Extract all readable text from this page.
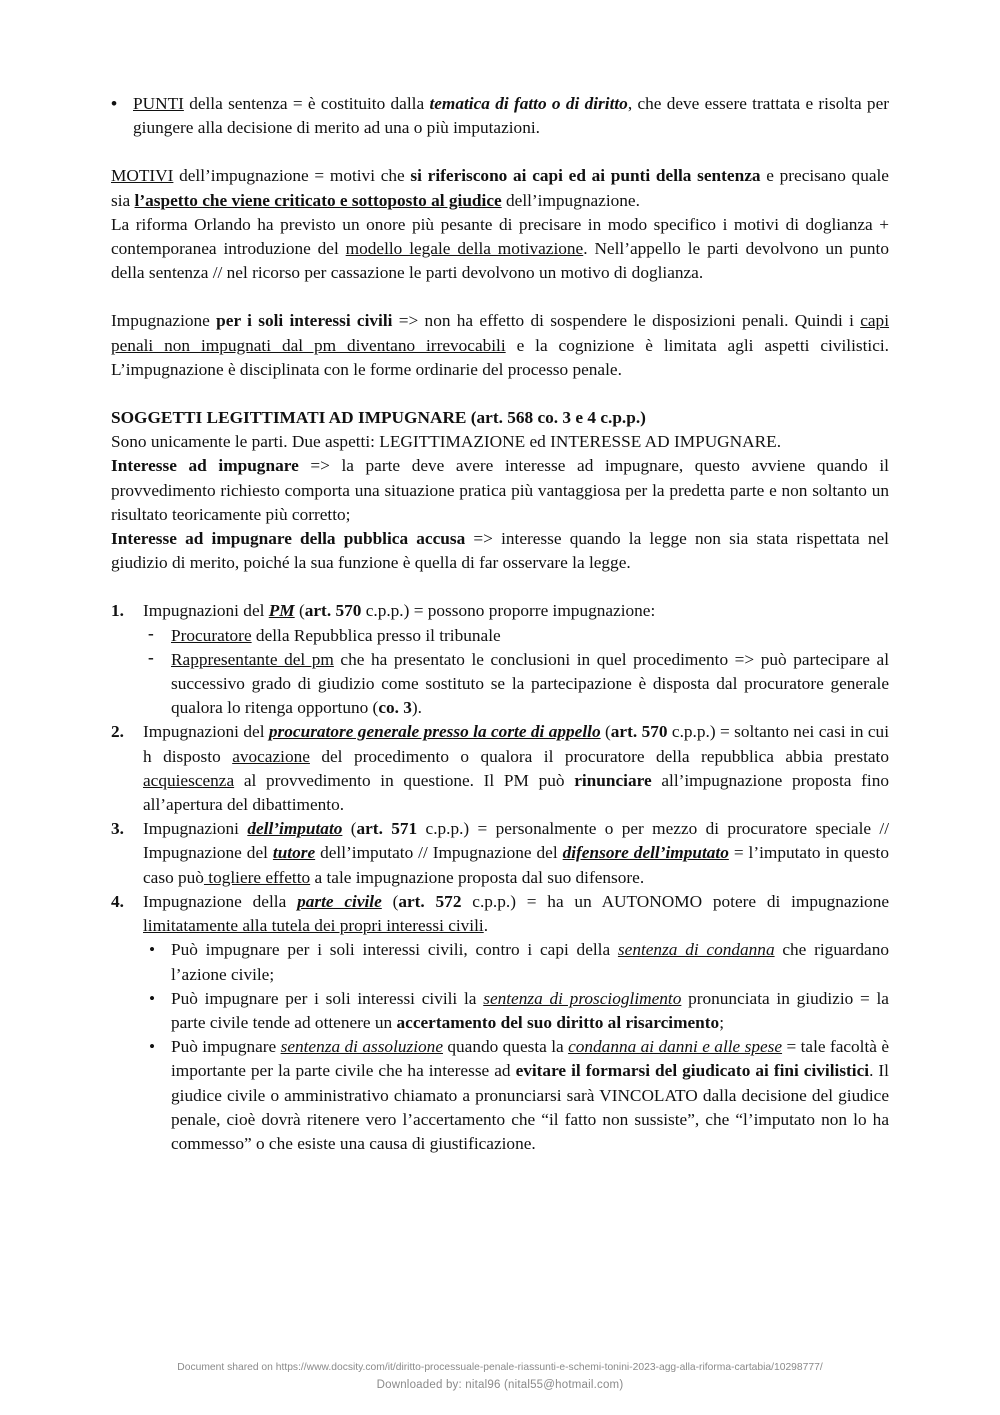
• PUNTI della sentenza = è costituito dalla tematica di fatto o di diritto, che deve essere trattata e risolta per giungere alla decisione di merito ad una o più imputazioni.

MOTIVI dell’impugnazione = motivi che si riferiscono ai capi ed ai punti della sentenza e precisano quale sia l’aspetto che viene criticato e sottoposto al giudice dell’impugnazione.

La riforma Orlando ha previsto un onore più pesante di precisare in modo specifico i motivi di doglianza + contemporanea introduzione del modello legale della motivazione. Nell’appello le parti devolvono un punto della sentenza // nel ricorso per cassazione le parti devolvono un motivo di doglianza.

Impugnazione per i soli interessi civili => non ha effetto di sospendere le disposizioni penali. Quindi i capi penali non impugnati dal pm diventano irrevocabili e la cognizione è limitata agli aspetti civilistici. L’impugnazione è disciplinata con le forme ordinarie del processo penale.

SOGGETTI LEGITTIMATI AD IMPUGNARE (art. 568 co. 3 e 4 c.p.p.)

Sono unicamente le parti. Due aspetti: LEGITTIMAZIONE ed INTERESSE AD IMPUGNARE.

Interesse ad impugnare => la parte deve avere interesse ad impugnare, questo avviene quando il provvedimento richiesto comporta una situazione pratica più vantaggiosa per la predetta parte e non soltanto un risultato teoricamente più corretto;

Interesse ad impugnare della pubblica accusa => interesse quando la legge non sia stata rispettata nel giudizio di merito, poiché la sua funzione è quella di far osservare la legge.

1. Impugnazioni del PM (art. 570 c.p.p.) = possono proporre impugnazione:

- Procuratore della Repubblica presso il tribunale
- Rappresentante del pm che ha presentato le conclusioni in quel procedimento => può partecipare al successivo grado di giudizio come sostituto se la partecipazione è disposta dal procuratore generale qualora lo ritenga opportuno (co. 3).
2. Impugnazioni del procuratore generale presso la corte di appello (art. 570 c.p.p.) = soltanto nei casi in cui h disposto avocazione del procedimento o qualora il procuratore della repubblica abbia prestato acquiescenza al provvedimento in questione. Il PM può rinunciare all’impugnazione proposta fino all’apertura del dibattimento.

3. Impugnazioni dell’imputato (art. 571 c.p.p.) = personalmente o per mezzo di procuratore speciale // Impugnazione del tutore dell’imputato // Impugnazione del difensore dell’imputato = l’imputato in questo caso può togliere effetto a tale impugnazione proposta dal suo difensore.

4. Impugnazione della parte civile (art. 572 c.p.p.) = ha un AUTONOMO potere di impugnazione limitatamente alla tutela dei propri interessi civili.

• Può impugnare per i soli interessi civili, contro i capi della sentenza di condanna che riguardano l’azione civile;
• Può impugnare per i soli interessi civili la sentenza di proscioglimento pronunciata in giudizio = la parte civile tende ad ottenere un accertamento del suo diritto al risarcimento;
• Può impugnare sentenza di assoluzione quando questa la condanna ai danni e alle spese = tale facoltà è importante per la parte civile che ha interesse ad evitare il formarsi del giudicato ai fini civilistici. Il giudice civile o amministrativo chiamato a pronunciarsi sarà VINCOLATO dalla decisione del giudice penale, cioè dovrà ritenere vero l’accertamento che “il fatto non sussiste”, che “l’imputato non lo ha commesso” o che esiste una causa di giustificazione.
Document shared on https://www.docsity.com/it/diritto-processuale-penale-riassunti-e-schemi-tonini-2023-agg-alla-riforma-cartabia/10298777/
Downloaded by: nital96 (nital55@hotmail.com)
